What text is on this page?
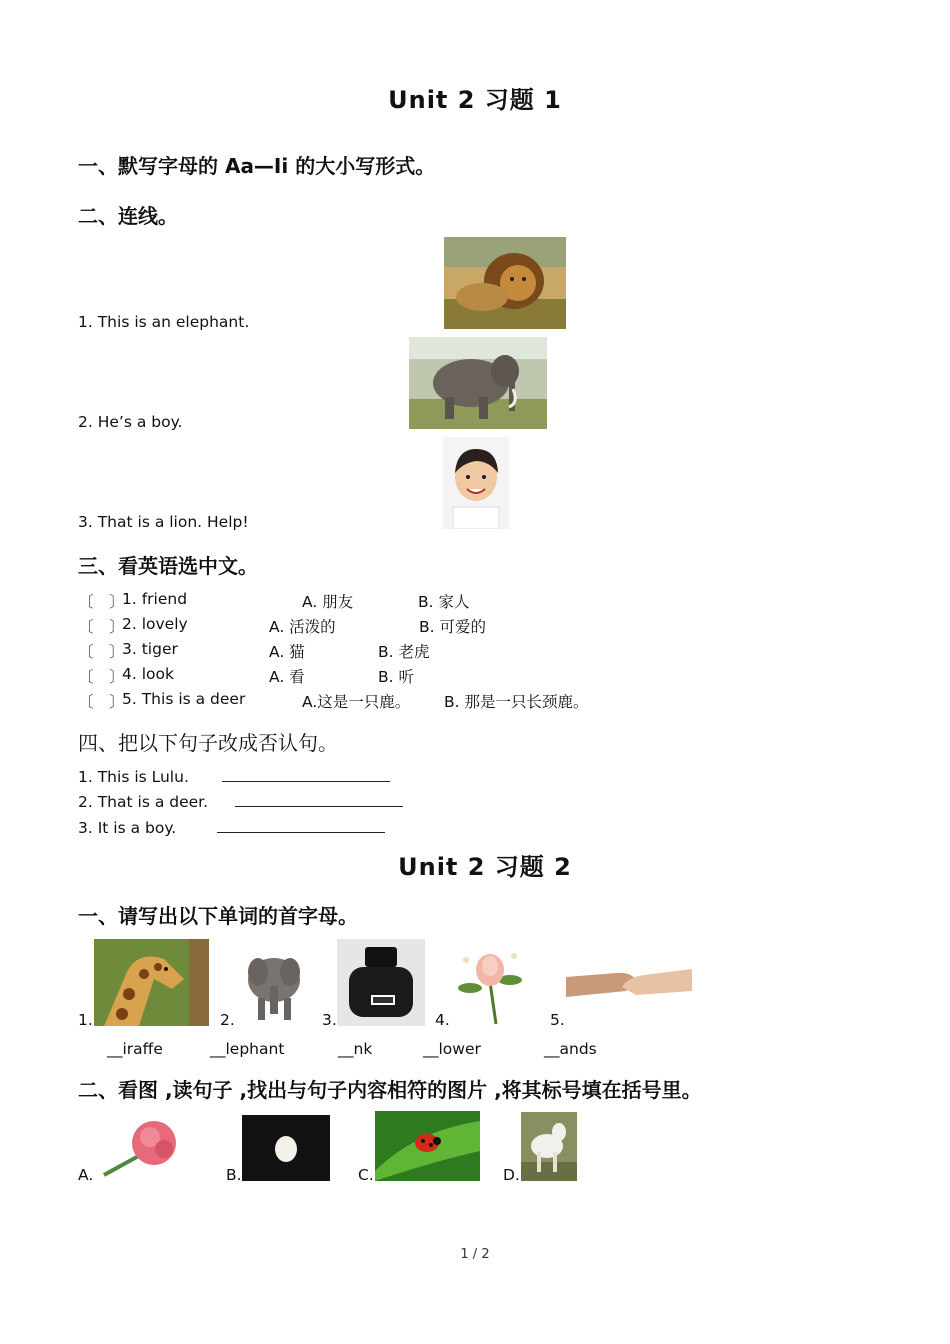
Unit 2 习题 1
一、默写字母的 Aa—Ii 的大小写形式。
二、连线。
1. This is an elephant.
2. He’s a boy.
3. That is a lion. Help!
三、看英语选中文。
〔　〕
1. friend	A. 朋友	B. 家人
〔　〕
2. lovely	A. 活泼的	B. 可爱的
〔　〕
3. tiger	A. 猫	B. 老虎
〔　〕
4. look	A. 看	B. 听
〔　〕
5. This is a deer	A.这是一只鹿。 B. 那是一只长颈鹿。
四、把以下句子改成否认句。
1. This is Lulu.
2. That is a deer.
3. It is a boy.
Unit 2 习题 2
一、请写出以下单词的首字母。
1.	2.	3.	4.	5.
__iraffe	__lephant	__nk	__lower	__ands
二、看图 ,读句子 ,找出与句子内容相符的图片 ,将其标号填在括号里。
A.	B.	C.	D.
1 / 2
